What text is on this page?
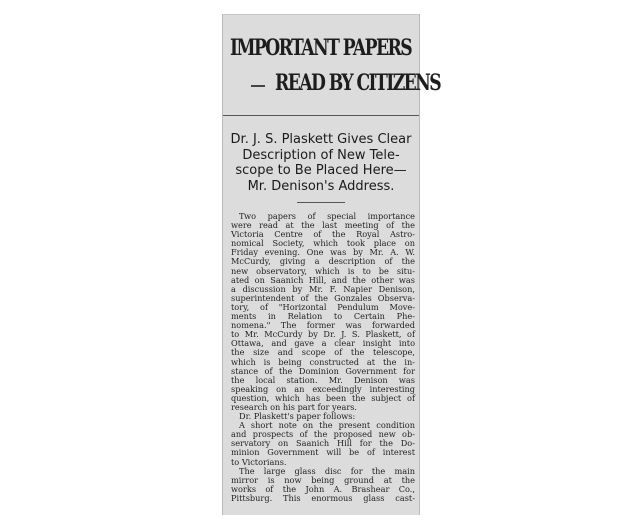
IMPORTANT PAPERS
READ BY CITIZENS
Dr. J. S. Plaskett Gives Clear
Description of New Tele-
scope to Be Placed Here—
Mr. Denison's Address.
Two papers of special importance
were read at the last meeting of the
Victoria Centre of the Royal Astro-
nomical Society, which took place on
Friday evening. One was by Mr. A. W.
McCurdy, giving a description of the
new observatory, which is to be situ-
ated on Saanich Hill, and the other was
a discussion by Mr. F. Napier Denison,
superintendent of the Gonzales Observa-
tory, of "Horizontal Pendulum Move-
ments in Relation to Certain Phe-
nomena." The former was forwarded
to Mr. McCurdy by Dr. J. S. Plaskett, of
Ottawa, and gave a clear insight into
the size and scope of the telescope,
which is being constructed at the in-
stance of the Dominion Government for
the local station. Mr. Denison was
speaking on an exceedingly interesting
question, which has been the subject of
research on his part for years.
Dr. Plaskett's paper follows:
A short note on the present condition
and prospects of the proposed new ob-
servatory on Saanich Hill for the Do-
minion Government will be of interest
to Victorians.
The large glass disc for the main
mirror is now being ground at the
works of the John A. Brashear Co.,
Pittsburg. This enormous glass cast-
